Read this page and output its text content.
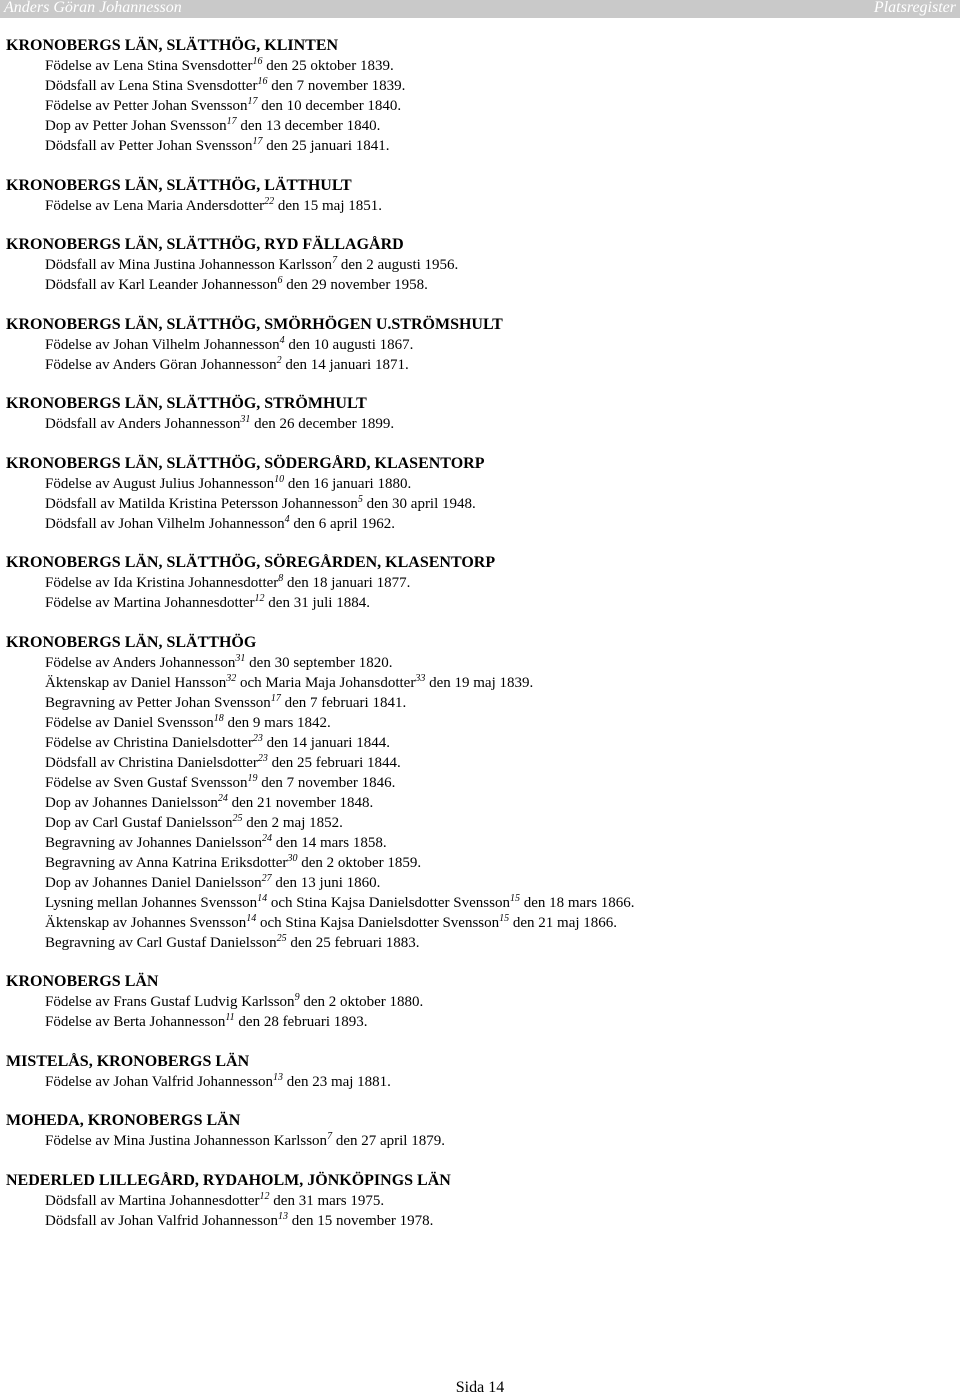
Anders Göran Johannesson	Platsregister
KRONOBERGS LÄN, SLÄTTHÖG, KLINTEN
Födelse av Lena Stina Svensdotter$^{16}$ den 25 oktober 1839.
Dödsfall av Lena Stina Svensdotter$^{16}$ den 7 november 1839.
Födelse av Petter Johan Svensson$^{17}$ den 10 december 1840.
Dop av Petter Johan Svensson$^{17}$ den 13 december 1840.
Dödsfall av Petter Johan Svensson$^{17}$ den 25 januari 1841.
KRONOBERGS LÄN, SLÄTTHÖG, LÄTTHULT
Födelse av Lena Maria Andersdotter$^{22}$ den 15 maj 1851.
KRONOBERGS LÄN, SLÄTTHÖG, RYD FÄLLAGÅRD
Dödsfall av Mina Justina Johannesson Karlsson$^7$ den 2 augusti 1956.
Dödsfall av Karl Leander Johannesson$^6$ den 29 november 1958.
KRONOBERGS LÄN, SLÄTTHÖG, SMÖRHÖGEN U.STRÖMSHULT
Födelse av Johan Vilhelm Johannesson$^4$ den 10 augusti 1867.
Födelse av Anders Göran Johannesson$^2$ den 14 januari 1871.
KRONOBERGS LÄN, SLÄTTHÖG, STRÖMHULT
Dödsfall av Anders Johannesson$^{31}$ den 26 december 1899.
KRONOBERGS LÄN, SLÄTTHÖG, SÖDERGÅRD, KLASENTORP
Födelse av August Julius Johannesson$^{10}$ den 16 januari 1880.
Dödsfall av Matilda Kristina Petersson Johannesson$^5$ den 30 april 1948.
Dödsfall av Johan Vilhelm Johannesson$^4$ den 6 april 1962.
KRONOBERGS LÄN, SLÄTTHÖG, SÖREGÅRDEN, KLASENTORP
Födelse av Ida Kristina Johannesdotter$^8$ den 18 januari 1877.
Födelse av Martina Johannesdotter$^{12}$ den 31 juli 1884.
KRONOBERGS LÄN, SLÄTTHÖG
Födelse av Anders Johannesson$^{31}$ den 30 september 1820.
Äktenskap av Daniel Hansson$^{32}$ och Maria Maja Johansdotter$^{33}$ den 19 maj 1839.
Begravning av Petter Johan Svensson$^{17}$ den 7 februari 1841.
Födelse av Daniel Svensson$^{18}$ den 9 mars 1842.
Födelse av Christina Danielsdotter$^{23}$ den 14 januari 1844.
Dödsfall av Christina Danielsdotter$^{23}$ den 25 februari 1844.
Födelse av Sven Gustaf Svensson$^{19}$ den 7 november 1846.
Dop av Johannes Danielsson$^{24}$ den 21 november 1848.
Dop av Carl Gustaf Danielsson$^{25}$ den 2 maj 1852.
Begravning av Johannes Danielsson$^{24}$ den 14 mars 1858.
Begravning av Anna Katrina Eriksdotter$^{30}$ den 2 oktober 1859.
Dop av Johannes Daniel Danielsson$^{27}$ den 13 juni 1860.
Lysning mellan Johannes Svensson$^{14}$ och Stina Kajsa Danielsdotter Svensson$^{15}$ den 18 mars 1866.
Äktenskap av Johannes Svensson$^{14}$ och Stina Kajsa Danielsdotter Svensson$^{15}$ den 21 maj 1866.
Begravning av Carl Gustaf Danielsson$^{25}$ den 25 februari 1883.
KRONOBERGS LÄN
Födelse av Frans Gustaf Ludvig Karlsson$^9$ den 2 oktober 1880.
Födelse av Berta Johannesson$^{11}$ den 28 februari 1893.
MISTELÅS, KRONOBERGS LÄN
Födelse av Johan Valfrid Johannesson$^{13}$ den 23 maj 1881.
MOHEDA, KRONOBERGS LÄN
Födelse av Mina Justina Johannesson Karlsson$^7$ den 27 april 1879.
NEDERLED LILLEGÅRD, RYDAHOLM, JÖNKÖPINGS LÄN
Dödsfall av Martina Johannesdotter$^{12}$ den 31 mars 1975.
Dödsfall av Johan Valfrid Johannesson$^{13}$ den 15 november 1978.
Sida 14
